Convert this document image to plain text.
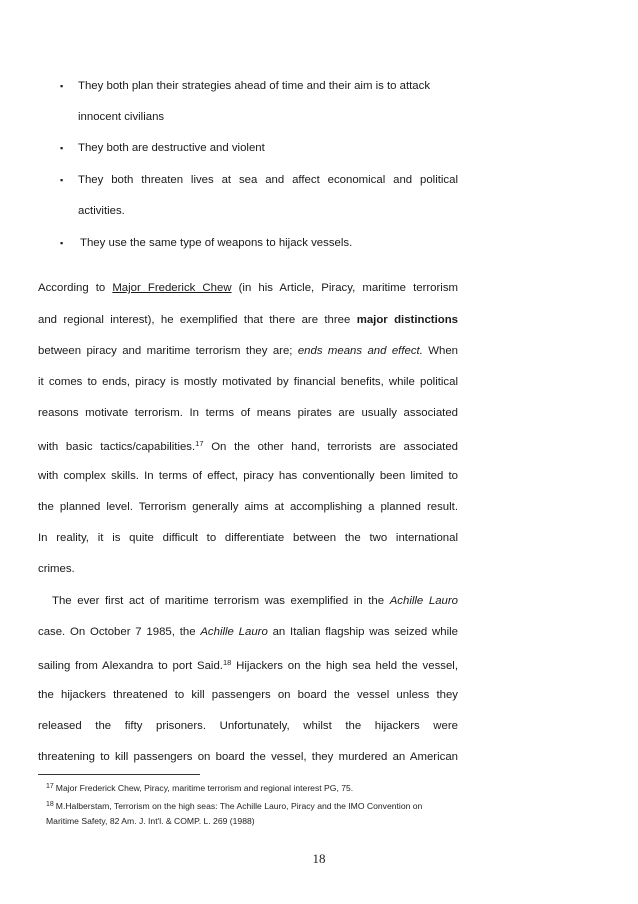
▪ They both plan their strategies ahead of time and their aim is to attack
innocent civilians
▪ They both are destructive and violent
▪ They both threaten lives at sea and affect economical and political
activities.
▪ They use the same type of weapons to hijack vessels.
According to Major Frederick Chew (in his Article, Piracy, maritime terrorism
and regional interest), he exemplified that there are three major distinctions
between piracy and maritime terrorism they are; ends means and effect. When
it comes to ends, piracy is mostly motivated by financial benefits, while political
reasons motivate terrorism. In terms of means pirates are usually associated
with basic tactics/capabilities.$^{17}$ On the other hand, terrorists are associated
with complex skills. In terms of effect, piracy has conventionally been limited to
the planned level. Terrorism generally aims at accomplishing a planned result.
In reality, it is quite difficult to differentiate between the two international
crimes.
The ever first act of maritime terrorism was exemplified in the Achille Lauro
case. On October 7 1985, the Achille Lauro an Italian flagship was seized while
sailing from Alexandra to port Said.$^{18}$ Hijackers on the high sea held the vessel,
the hijackers threatened to kill passengers on board the vessel unless they
released the fifty prisoners. Unfortunately, whilst the hijackers were
threatening to kill passengers on board the vessel, they murdered an American
$^{17}$ Major Frederick Chew, Piracy, maritime terrorism and regional interest PG, 75.
$^{18}$ M.Halberstam, Terrorism on the high seas: The Achille Lauro, Piracy and the IMO Convention on
Maritime Safety, 82 Am. J. Int'l. & COMP. L. 269 (1988)
18
